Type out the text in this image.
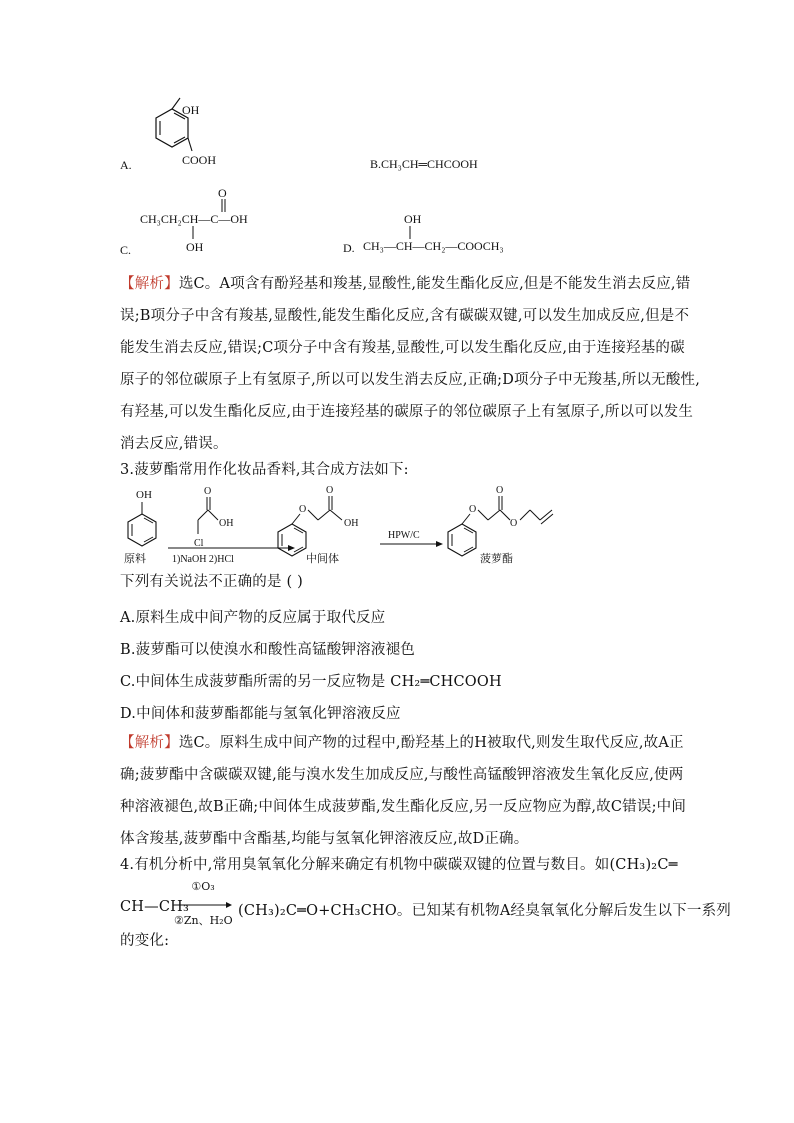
OH
COOH
A.	B.CH₃CH═CHCOOH
O
CH₃CH₂CH—C—OH
C.	OH
OH
D. CH₃—CH—CH₂—COOCH₃
【解析】选C。A项含有酚羟基和羧基,显酸性,能发生酯化反应,但是不能发生消去反应,错
误;B项分子中含有羧基,显酸性,能发生酯化反应,含有碳碳双键,可以发生加成反应,但是不
能发生消去反应,错误;C项分子中含有羧基,显酸性,可以发生酯化反应,由于连接羟基的碳
原子的邻位碳原子上有氢原子,所以可以发生消去反应,正确;D项分子中无羧基,所以无酸性,
有羟基,可以发生酯化反应,由于连接羟基的碳原子的邻位碳原子上有氢原子,所以可以发生
消去反应,错误。
3.菠萝酯常用作化妆品香料,其合成方法如下:
OH
原料
O
OH
Cl
1)NaOH 2)HCl
O
O
OH
中间体
HPW/C
O
O
O
菠萝酯
下列有关说法不正确的是 ( )
A.原料生成中间产物的反应属于取代反应
B.菠萝酯可以使溴水和酸性高锰酸钾溶液褪色
C.中间体生成菠萝酯所需的另一反应物是 CH₂═CHCOOH
D.中间体和菠萝酯都能与氢氧化钾溶液反应
【解析】选C。原料生成中间产物的过程中,酚羟基上的H被取代,则发生取代反应,故A正
确;菠萝酯中含碳碳双键,能与溴水发生加成反应,与酸性高锰酸钾溶液发生氧化反应,使两
种溶液褪色,故B正确;中间体生成菠萝酯,发生酯化反应,另一反应物应为醇,故C错误;中间
体含羧基,菠萝酯中含酯基,均能与氢氧化钾溶液反应,故D正确。
4.有机分析中,常用臭氧氧化分解来确定有机物中碳碳双键的位置与数目。如(CH₃)₂C═
CH—CH₃
①O₃
②Zn、H₂O
(CH₃)₂C═O+CH₃CHO。已知某有机物A经臭氧氧化分解后发生以下一系列
的变化:
